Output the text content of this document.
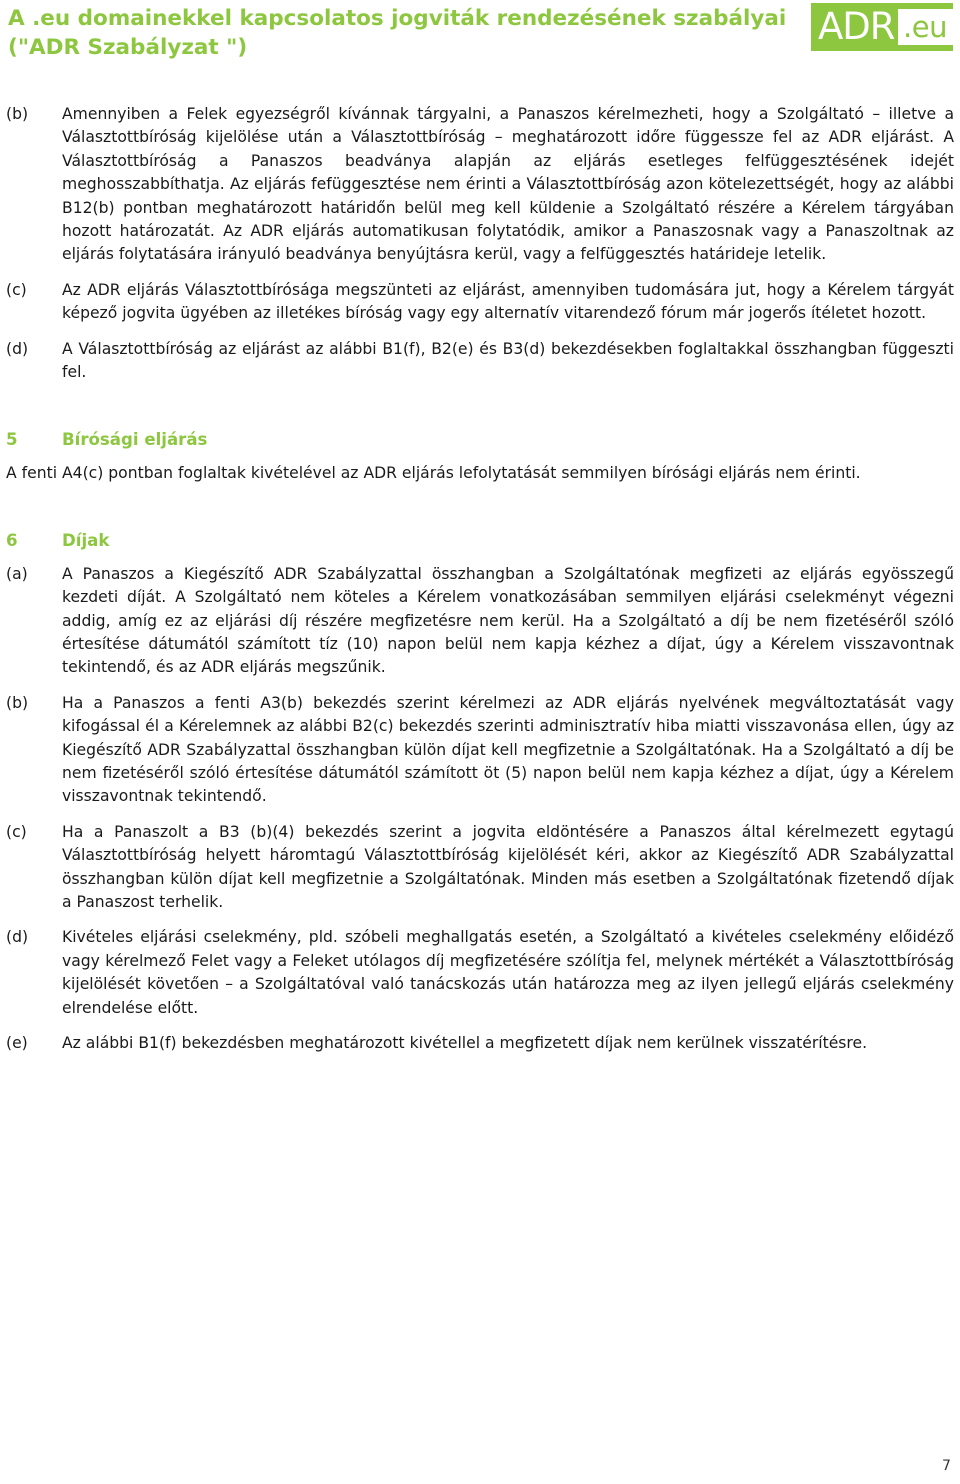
A .eu domainekkel kapcsolatos jogviták rendezésének szabályai
("ADR Szabályzat ")	ADR .eu
(b)	Amennyiben a Felek egyezségről kívánnak tárgyalni, a Panaszos kérelmezheti, hogy a Szolgáltató – illetve a Választottbíróság kijelölése után a Választottbíróság – meghatározott időre függessze fel az ADR eljárást. A Választottbíróság a Panaszos beadványa alapján az eljárás esetleges felfüggesztésének idejét meghosszabbíthatja. Az eljárás fefüggesztése nem érinti a Választottbíróság azon kötelezettségét, hogy az alábbi B12(b) pontban meghatározott határidőn belül meg kell küldenie a Szolgáltató részére a Kérelem tárgyában hozott határozatát. Az ADR eljárás automatikusan folytatódik, amikor a Panaszosnak vagy a Panaszoltnak az eljárás folytatására irányuló beadványa benyújtásra kerül, vagy a felfüggesztés határideje letelik.
(c)	Az ADR eljárás Választottbírósága megszünteti az eljárást, amennyiben tudomására jut, hogy a Kérelem tárgyát képező jogvita ügyében az illetékes bíróság vagy egy alternatív vitarendező fórum már jogerős ítéletet hozott.
(d)	A Választottbíróság az eljárást az alábbi B1(f), B2(e) és B3(d) bekezdésekben foglaltakkal összhangban függeszti fel.
5	Bírósági eljárás

A fenti A4(c) pontban foglaltak kivételével az ADR eljárás lefolytatását semmilyen bírósági eljárás nem érinti.

6	Díjak
(a)	A Panaszos a Kiegészítő ADR Szabályzattal összhangban a Szolgáltatónak megfizeti az eljárás egyösszegű kezdeti díját. A Szolgáltató nem köteles a Kérelem vonatkozásában semmilyen eljárási cselekményt végezni addig, amíg ez az eljárási díj részére megfizetésre nem kerül. Ha a Szolgáltató a díj be nem fizetéséről szóló értesítése dátumától számított tíz (10) napon belül nem kapja kézhez a díjat, úgy a Kérelem visszavontnak tekintendő, és az ADR eljárás megszűnik.
(b)	Ha a Panaszos a fenti A3(b) bekezdés szerint kérelmezi az ADR eljárás nyelvének megváltoztatását vagy kifogással él a Kérelemnek az alábbi B2(c) bekezdés szerinti adminisztratív hiba miatti visszavonása ellen, úgy az Kiegészítő ADR Szabályzattal összhangban külön díjat kell megfizetnie a Szolgáltatónak. Ha a Szolgáltató a díj be nem fizetéséről szóló értesítése dátumától számított öt (5) napon belül nem kapja kézhez a díjat, úgy a Kérelem visszavontnak tekintendő.
(c)	Ha a Panaszolt a B3 (b)(4) bekezdés szerint a jogvita eldöntésére a Panaszos által kérelmezett egytagú Választottbíróság helyett háromtagú Választottbíróság kijelölését kéri, akkor az Kiegészítő ADR Szabályzattal összhangban külön díjat kell megfizetnie a Szolgáltatónak. Minden más esetben a Szolgáltatónak fizetendő díjak a Panaszost terhelik.
(d)	Kivételes eljárási cselekmény, pld. szóbeli meghallgatás esetén, a Szolgáltató a kivételes cselekmény előidéző vagy kérelmező Felet vagy a Feleket utólagos díj megfizetésére szólítja fel, melynek mértékét a Választottbíróság kijelölését követően – a Szolgáltatóval való tanácskozás után határozza meg az ilyen jellegű eljárás cselekmény elrendelése előtt.
(e)	Az alábbi B1(f) bekezdésben meghatározott kivétellel a megfizetett díjak nem kerülnek visszatérítésre.
7
